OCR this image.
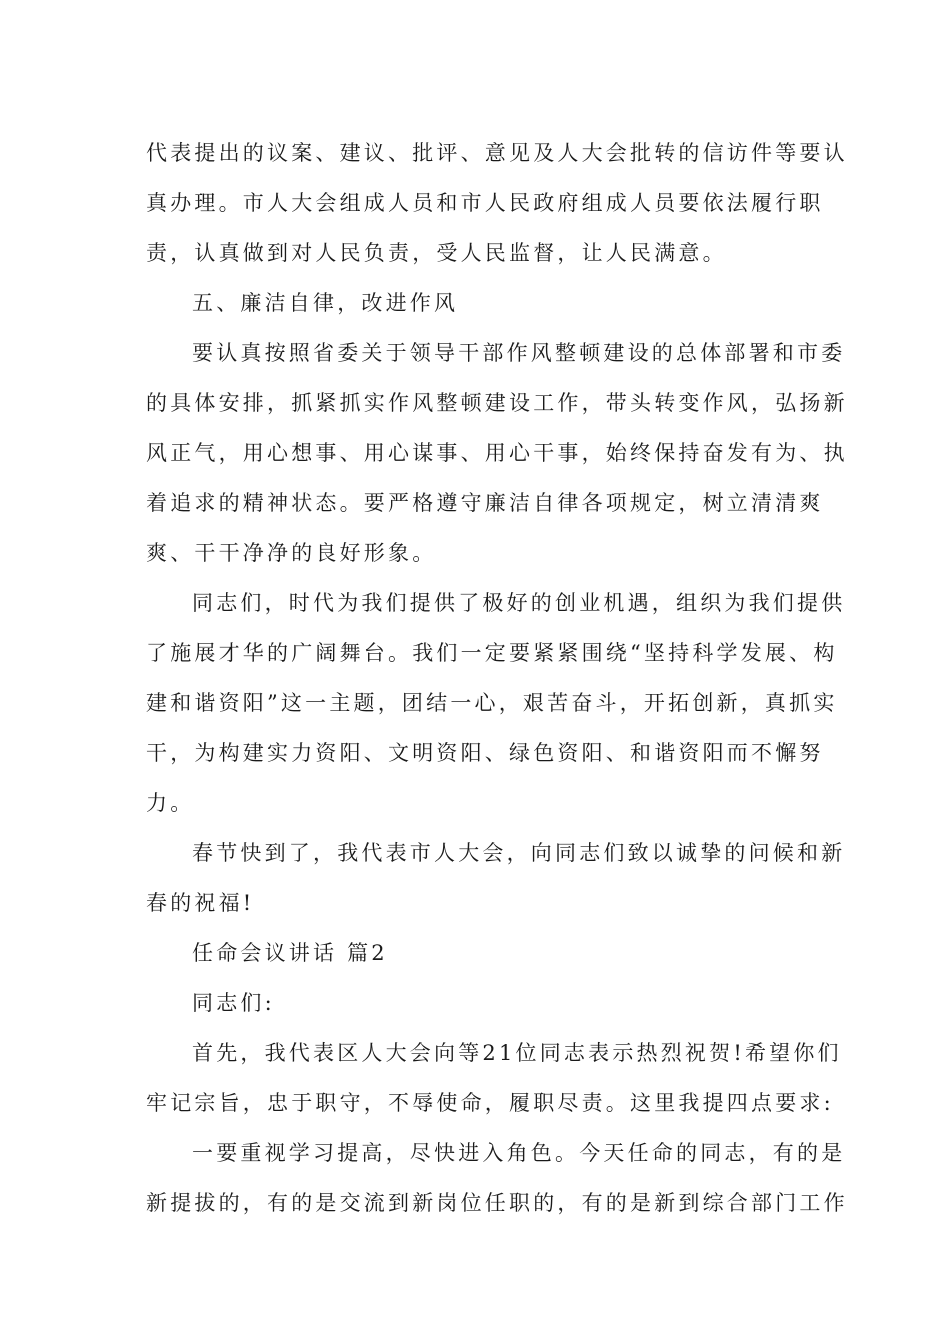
代表提出的议案、建议、批评、意见及人大会批转的信访件等要认
真办理。市人大会组成人员和市人民政府组成人员要依法履行职
责，认真做到对人民负责，受人民监督，让人民满意。
五、廉洁自律，改进作风
要认真按照省委关于领导干部作风整顿建设的总体部署和市委
的具体安排，抓紧抓实作风整顿建设工作，带头转变作风，弘扬新
风正气，用心想事、用心谋事、用心干事，始终保持奋发有为、执
着追求的精神状态。要严格遵守廉洁自律各项规定，树立清清爽
爽、干干净净的良好形象。
同志们，时代为我们提供了极好的创业机遇，组织为我们提供
了施展才华的广阔舞台。我们一定要紧紧围绕“坚持科学发展、构
建和谐资阳”这一主题，团结一心，艰苦奋斗，开拓创新，真抓实
干，为构建实力资阳、文明资阳、绿色资阳、和谐资阳而不懈努
力。
春节快到了，我代表市人大会，向同志们致以诚挚的问候和新
春的祝福!
任命会议讲话 篇2
同志们:
首先，我代表区人大会向等21位同志表示热烈祝贺!希望你们
牢记宗旨，忠于职守，不辱使命，履职尽责。这里我提四点要求:
一要重视学习提高，尽快进入角色。今天任命的同志，有的是
新提拔的，有的是交流到新岗位任职的，有的是新到综合部门工作
